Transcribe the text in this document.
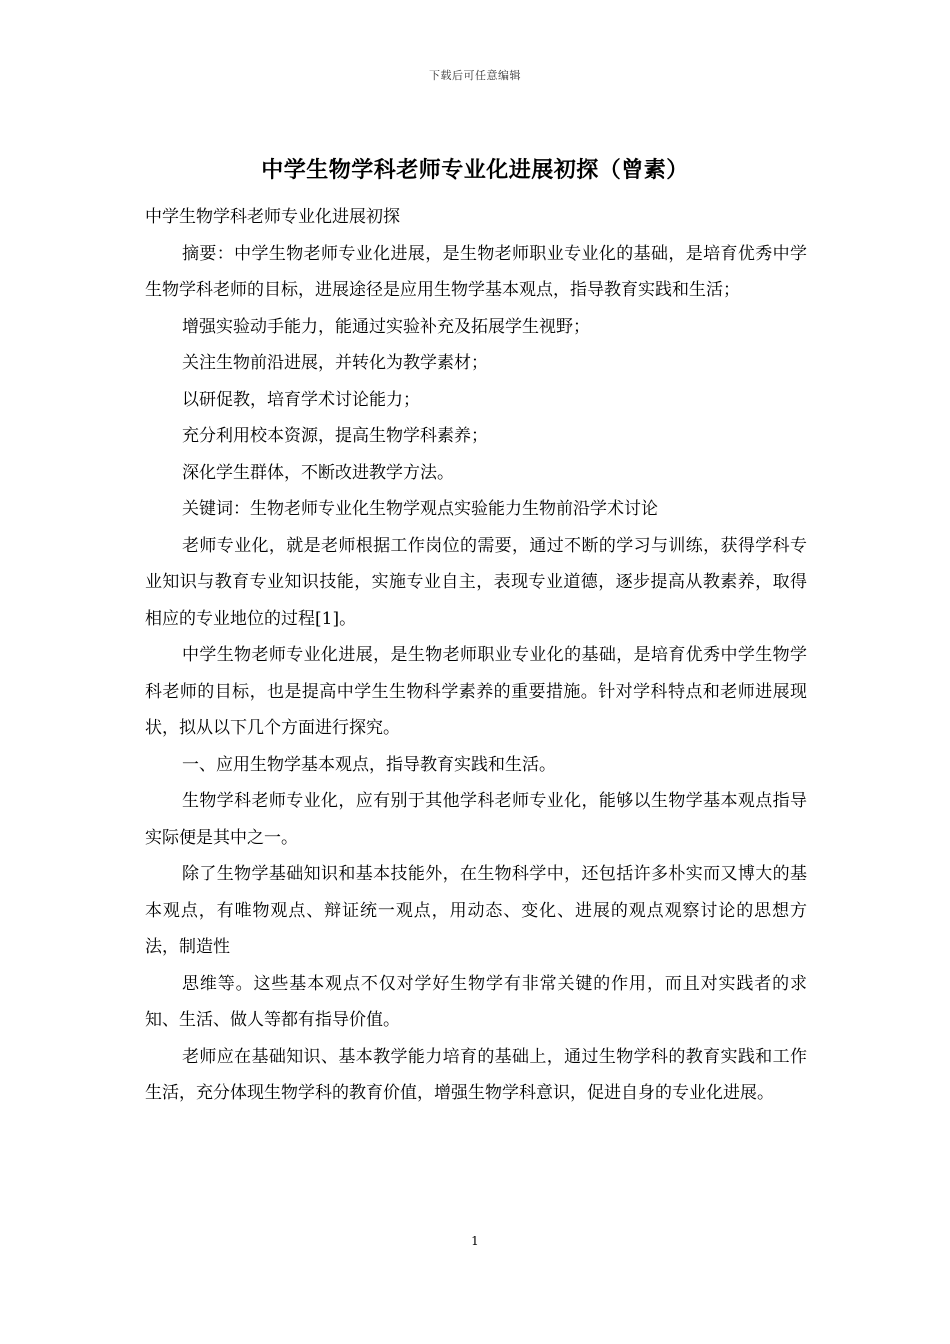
下载后可任意编辑
中学生物学科老师专业化进展初探（曾素）

中学生物学科老师专业化进展初探

摘要：中学生物老师专业化进展，是生物老师职业专业化的基础，是培育优秀中学生物学科老师的目标，进展途径是应用生物学基本观点，指导教育实践和生活；

增强实验动手能力，能通过实验补充及拓展学生视野；

关注生物前沿进展，并转化为教学素材；

以研促教，培育学术讨论能力；

充分利用校本资源，提高生物学科素养；

深化学生群体，不断改进教学方法。

关键词：生物老师专业化生物学观点实验能力生物前沿学术讨论

老师专业化，就是老师根据工作岗位的需要，通过不断的学习与训练，获得学科专业知识与教育专业知识技能，实施专业自主，表现专业道德，逐步提高从教素养，取得相应的专业地位的过程[1]。

中学生物老师专业化进展，是生物老师职业专业化的基础，是培育优秀中学生物学科老师的目标，也是提高中学生生物科学素养的重要措施。针对学科特点和老师进展现状，拟从以下几个方面进行探究。

一、应用生物学基本观点，指导教育实践和生活。

生物学科老师专业化，应有别于其他学科老师专业化，能够以生物学基本观点指导实际便是其中之一。

除了生物学基础知识和基本技能外，在生物科学中，还包括许多朴实而又博大的基本观点，有唯物观点、辩证统一观点，用动态、变化、进展的观点观察讨论的思想方法，制造性

思维等。这些基本观点不仅对学好生物学有非常关键的作用，而且对实践者的求知、生活、做人等都有指导价值。

老师应在基础知识、基本教学能力培育的基础上，通过生物学科的教育实践和工作生活，充分体现生物学科的教育价值，增强生物学科意识，促进自身的专业化进展。

1
